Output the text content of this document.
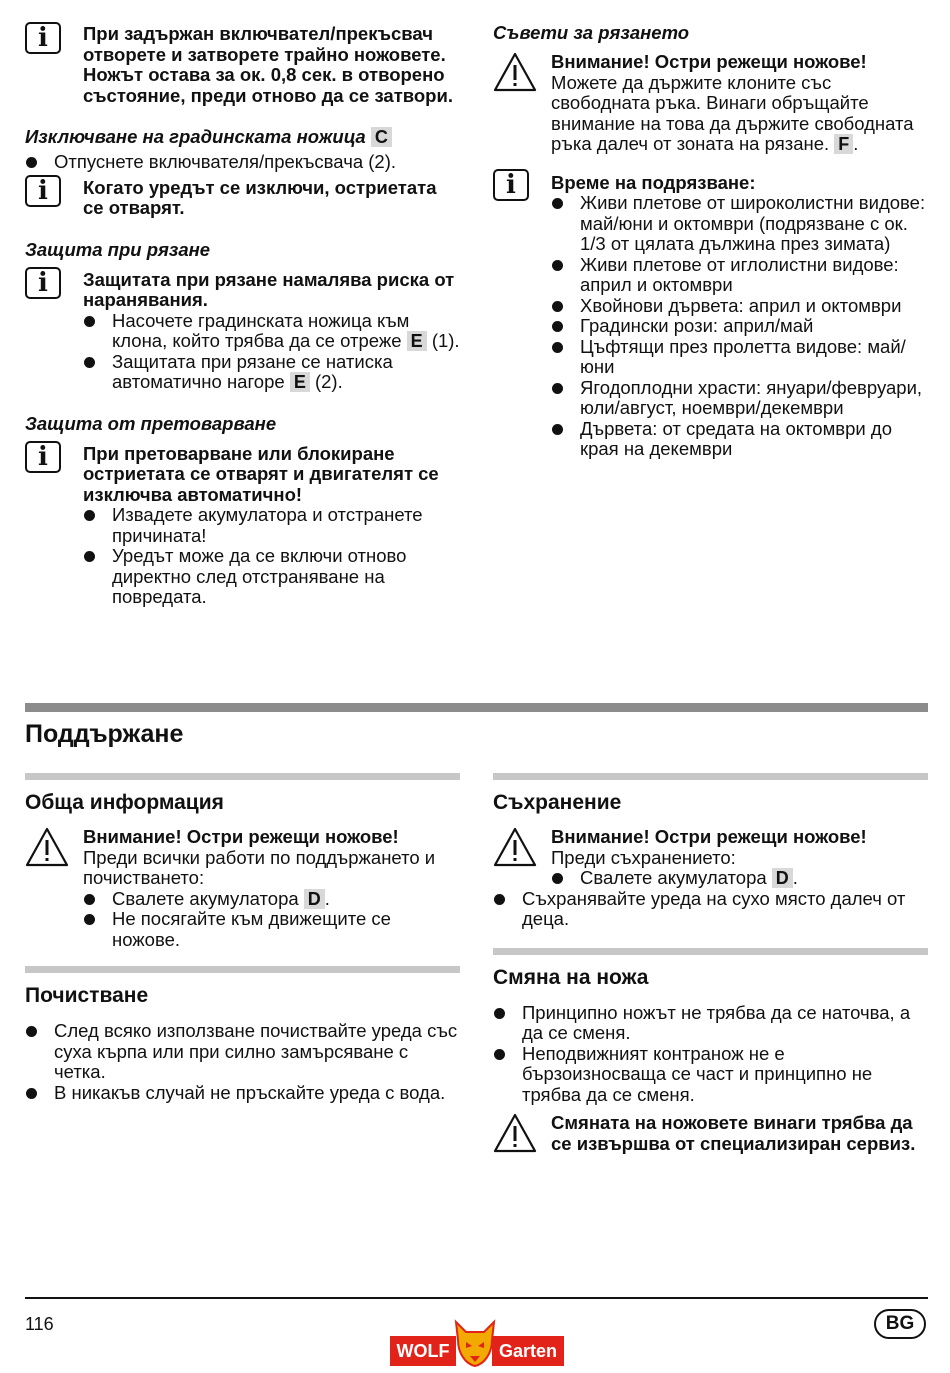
i	При задържан включвател/прекъсвач отворете и затворете трайно ножовете. Ножът остава за ок. 0,8 сек. в отворено състояние, преди отново да се затвори.
Изключване на градинската ножица C
Отпуснете включвателя/прекъсвача (2).
i	Когато уредът се изключи, остриетата се отварят.
Защита при рязане
i	Защитата при рязане намалява риска от наранявания.
Насочете градинската ножица към клона, който трябва да се отреже E (1).
Защитата при рязане се натиска автоматично нагоре E (2).
Защита от претоварване
i	При претоварване или блокиране остриетата се отварят и двигателят се изключва автоматично!
Извадете акумулатора и отстранете причината!
Уредът може да се включи отново директно след отстраняване на повредата.
Съвети за рязането
Внимание! Остри режещи ножове!
Можете да държите клоните със свободната ръка. Винаги обръщайте внимание на това да държите свободната ръка далеч от зоната на рязане. F .
i	Време на подрязване:
Живи плетове от широколистни видове: май/юни и октомври (подрязване с ок. 1/3 от цялата дължина през зимата)
Живи плетове от иглолистни видове: април и октомври
Хвойнови дървета: април и октомври
Градински рози: април/май
Цъфтящи през пролетта видове: май/юни
Ягодоплодни храсти: януари/февруари, юли/август, ноември/декември
Дървета: от средата на октомври до края на декември
Поддържане
Обща информация
Внимание! Остри режещи ножове!
Преди всички работи по поддържането и почистването:
Свалете акумулатора D .
Не посягайте към движещите се ножове.
Почистване
След всяко използване почиствайте уреда със суха кърпа или при силно замърсяване с четка.
В никакъв случай не пръскайте уреда с вода.
Съхранение
Внимание! Остри режещи ножове!
Преди съхранението:
Свалете акумулатора D .
Съхранявайте уреда на сухо място далеч от деца.
Смяна на ножа
Принципно ножът не трябва да се наточва, а да се сменя.
Неподвижният контранож не е бързоизносваща се част и принципно не трябва да се сменя.
Смяната на ножовете винаги трябва да се извършва от специализиран сервиз.
116
WOLF	Garten
BG
